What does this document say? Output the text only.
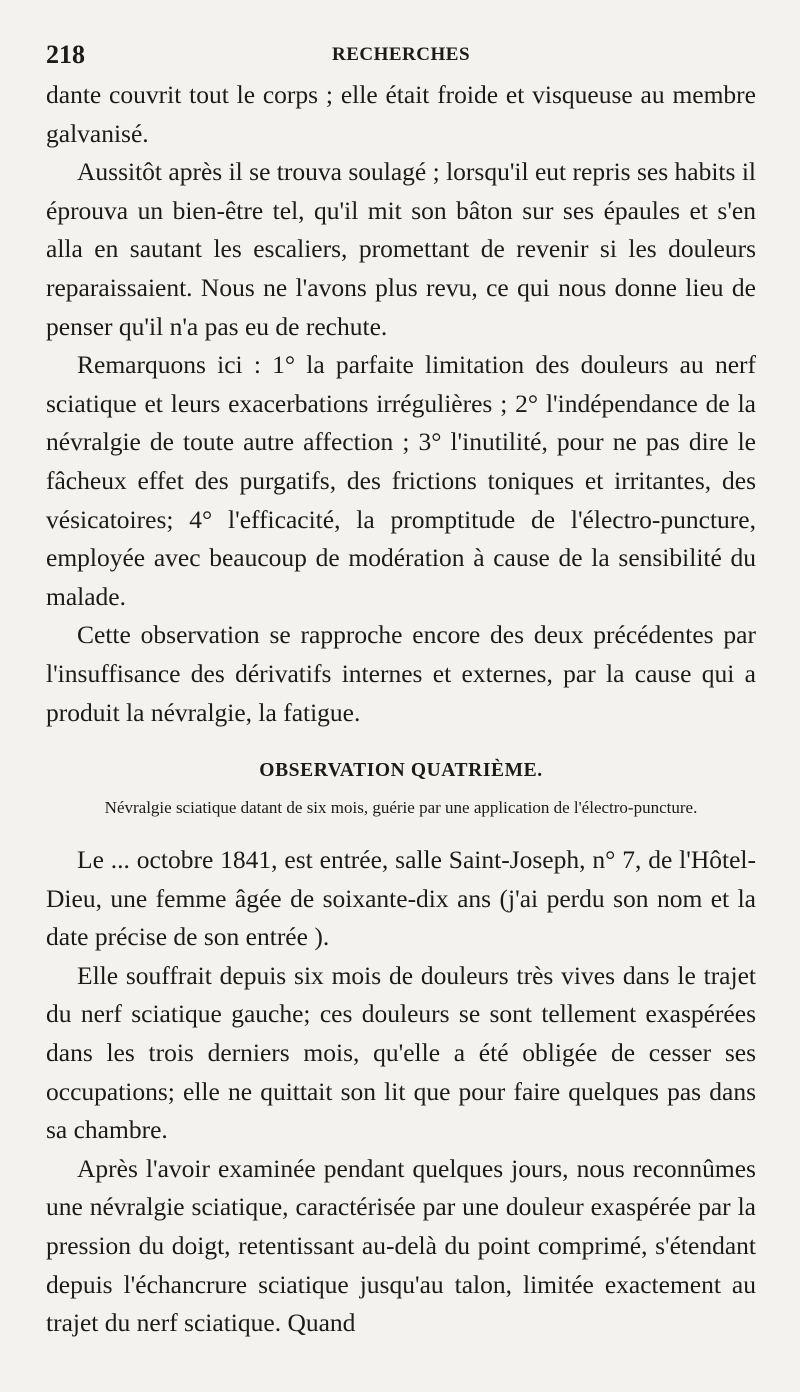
218	RECHERCHES

dante couvrit tout le corps ; elle était froide et visqueuse au membre galvanisé.

Aussitôt après il se trouva soulagé ; lorsqu'il eut repris ses habits il éprouva un bien-être tel, qu'il mit son bâton sur ses épaules et s'en alla en sautant les escaliers, promettant de revenir si les douleurs reparaissaient. Nous ne l'avons plus revu, ce qui nous donne lieu de penser qu'il n'a pas eu de rechute.

Remarquons ici : 1° la parfaite limitation des douleurs au nerf sciatique et leurs exacerbations irrégulières ; 2° l'indépendance de la névralgie de toute autre affection ; 3° l'inutilité, pour ne pas dire le fâcheux effet des purgatifs, des frictions toniques et irritantes, des vésicatoires; 4° l'efficacité, la promptitude de l'électro-puncture, employée avec beaucoup de modération à cause de la sensibilité du malade.

Cette observation se rapproche encore des deux précédentes par l'insuffisance des dérivatifs internes et externes, par la cause qui a produit la névralgie, la fatigue.

OBSERVATION QUATRIÈME.
Névralgie sciatique datant de six mois, guérie par une application de l'électro-puncture.

Le ... octobre 1841, est entrée, salle Saint-Joseph, n° 7, de l'Hôtel-Dieu, une femme âgée de soixante-dix ans (j'ai perdu son nom et la date précise de son entrée ).

Elle souffrait depuis six mois de douleurs très vives dans le trajet du nerf sciatique gauche; ces douleurs se sont tellement exaspérées dans les trois derniers mois, qu'elle a été obligée de cesser ses occupations; elle ne quittait son lit que pour faire quelques pas dans sa chambre.

Après l'avoir examinée pendant quelques jours, nous reconnûmes une névralgie sciatique, caractérisée par une douleur exaspérée par la pression du doigt, retentissant au-delà du point comprimé, s'étendant depuis l'échancrure sciatique jusqu'au talon, limitée exactement au trajet du nerf sciatique. Quand
